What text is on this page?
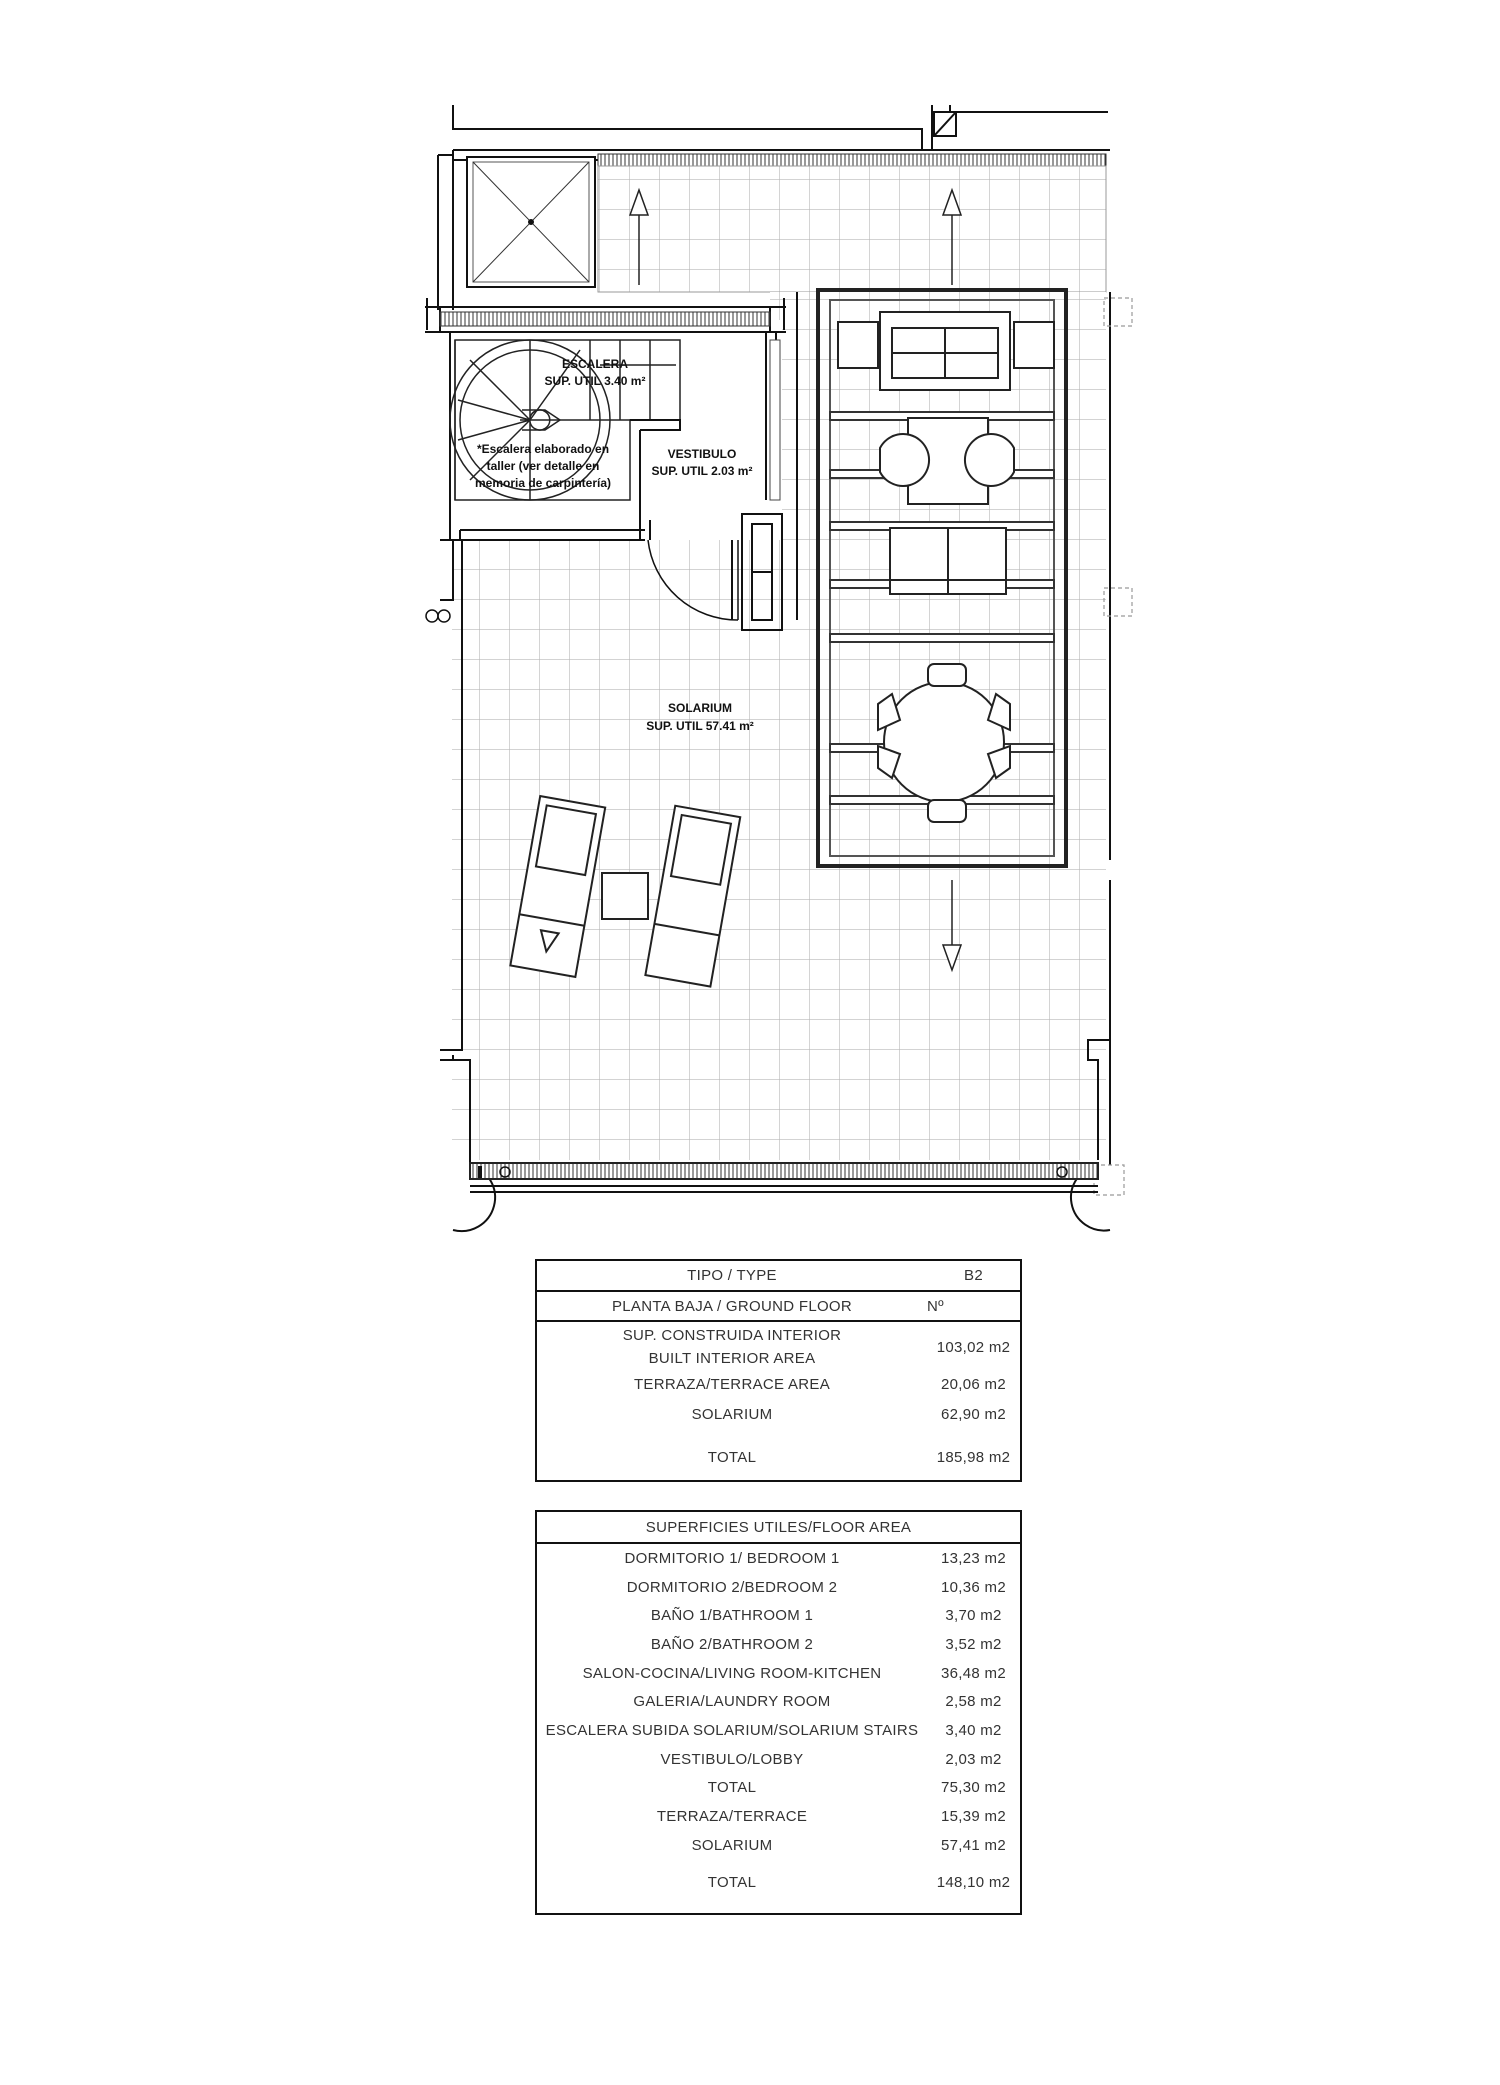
ESCALERA
SUP. UTIL 3.40 m²
VESTIBULO
SUP. UTIL 2.03 m²
SOLARIUM
SUP. UTIL 57.41 m²
*Escalera elaborado en
taller (ver detalle en
memoria de carpintería)
TIPO / TYPE	B2
PLANTA BAJA / GROUND FLOOR	Nº
SUP. CONSTRUIDA INTERIOR
BUILT INTERIOR AREA
103,02 m2
TERRAZA/TERRACE AREA	20,06 m2
SOLARIUM	62,90 m2
TOTAL	185,98 m2
SUPERFICIES UTILES/FLOOR AREA
DORMITORIO 1/ BEDROOM 1	13,23 m2
DORMITORIO 2/BEDROOM 2	10,36 m2
BAÑO 1/BATHROOM 1	3,70 m2
BAÑO 2/BATHROOM 2	3,52 m2
SALON-COCINA/LIVING ROOM-KITCHEN	36,48 m2
GALERIA/LAUNDRY ROOM	2,58 m2
ESCALERA SUBIDA SOLARIUM/SOLARIUM STAIRS	3,40 m2
VESTIBULO/LOBBY	2,03 m2
TOTAL	75,30 m2
TERRAZA/TERRACE	15,39 m2
SOLARIUM	57,41 m2
TOTAL	148,10 m2
